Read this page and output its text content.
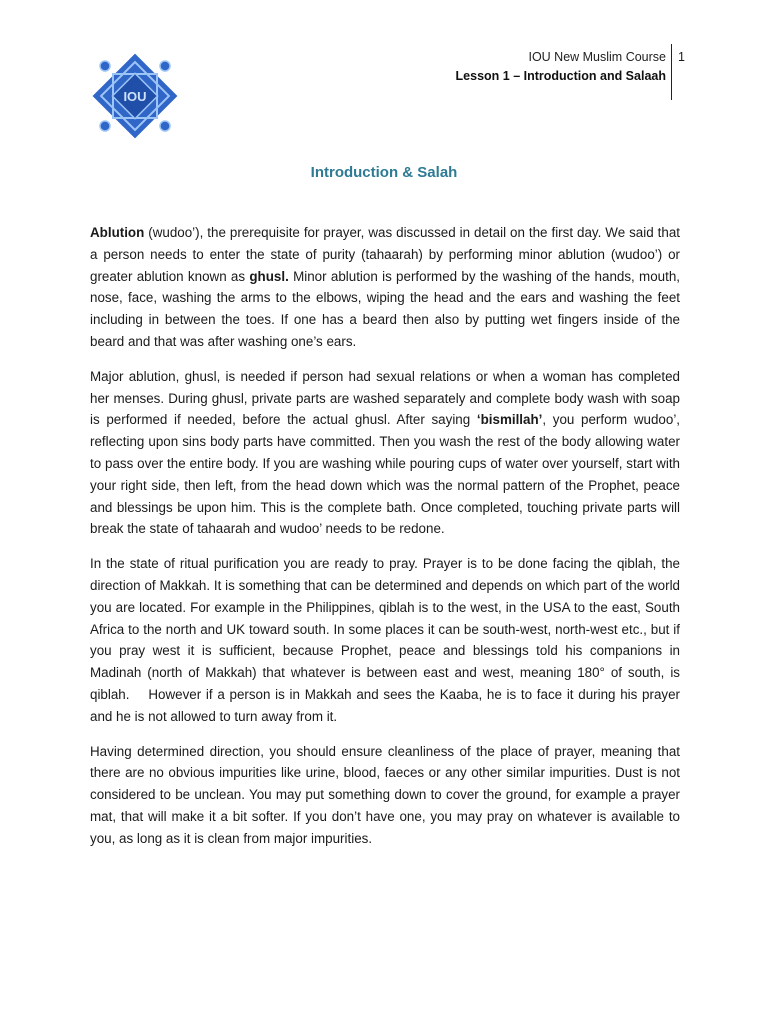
IOU
IOU New Muslim Course
Lesson 1 – Introduction and Salaah
1
Introduction & Salah

Ablution (wudoo’), the prerequisite for prayer, was discussed in detail on the first day. We said that a person needs to enter the state of purity (tahaarah) by performing minor ablution (wudoo’) or greater ablution known as ghusl. Minor ablution is performed by the washing of the hands, mouth, nose, face, washing the arms to the elbows, wiping the head and the ears and washing the feet including in between the toes. If one has a beard then also by putting wet fingers inside of the beard and that was after washing one’s ears.

Major ablution, ghusl, is needed if person had sexual relations or when a woman has completed her menses. During ghusl, private parts are washed separately and complete body wash with soap is performed if needed, before the actual ghusl. After saying ‘bismillah’, you perform wudoo’, reflecting upon sins body parts have committed. Then you wash the rest of the body allowing water to pass over the entire body. If you are washing while pouring cups of water over yourself, start with your right side, then left, from the head down which was the normal pattern of the Prophet, peace and blessings be upon him. This is the complete bath. Once completed, touching private parts will break the state of tahaarah and wudoo’ needs to be redone.

In the state of ritual purification you are ready to pray. Prayer is to be done facing the qiblah, the direction of Makkah. It is something that can be determined and depends on which part of the world you are located. For example in the Philippines, qiblah is to the west, in the USA to the east, South Africa to the north and UK toward south. In some places it can be south-west, north-west etc., but if you pray west it is sufficient, because Prophet, peace and blessings told his companions in Madinah (north of Makkah) that whatever is between east and west, meaning 180° of south, is qiblah.    However if a person is in Makkah and sees the Kaaba, he is to face it during his prayer and he is not allowed to turn away from it.

Having determined direction, you should ensure cleanliness of the place of prayer, meaning that there are no obvious impurities like urine, blood, faeces or any other similar impurities. Dust is not considered to be unclean. You may put something down to cover the ground, for example a prayer mat, that will make it a bit softer. If you don’t have one, you may pray on whatever is available to you, as long as it is clean from major impurities.
